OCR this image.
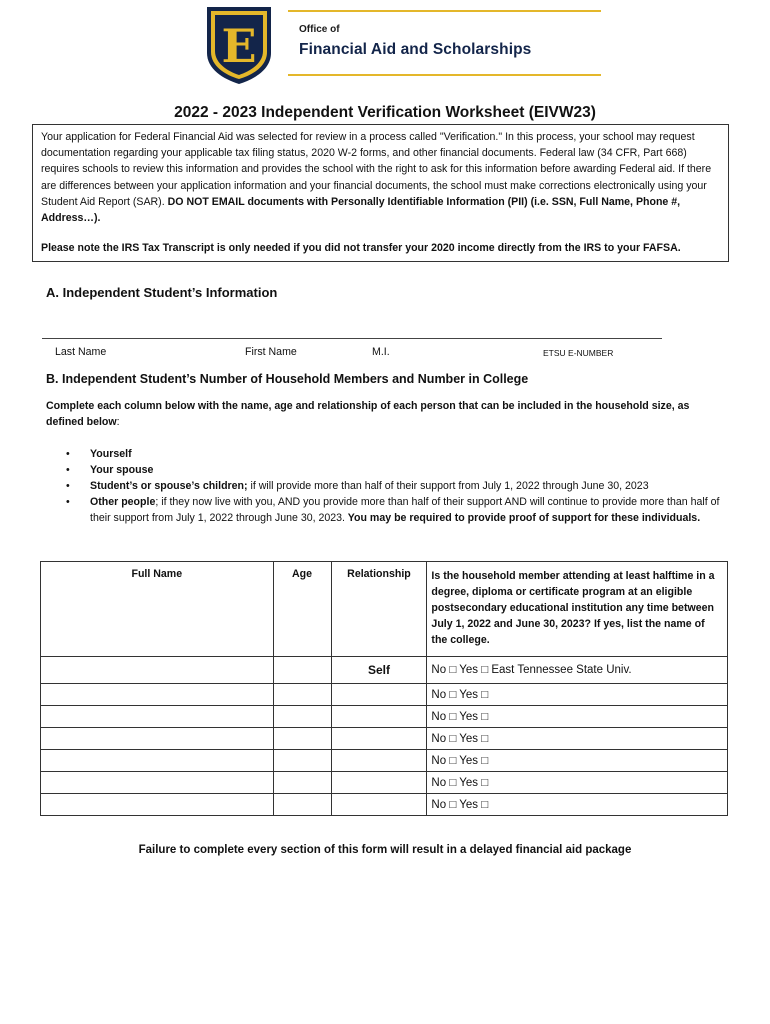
E	Office of
Financial Aid and Scholarships
2022 - 2023 Independent Verification Worksheet (EIVW23)

Your application for Federal Financial Aid was selected for review in a process called "Verification." In this process, your school may request documentation regarding your applicable tax filing status, 2020 W-2 forms, and other financial documents. Federal law (34 CFR, Part 668) requires schools to review this information and provides the school with the right to ask for this information before awarding Federal aid. If there are differences between your application information and your financial documents, the school must make corrections electronically using your Student Aid Report (SAR). DO NOT EMAIL documents with Personally Identifiable Information (PII) (i.e. SSN, Full Name, Phone #, Address…).

Please note the IRS Tax Transcript is only needed if you did not transfer your 2020 income directly from the IRS to your FAFSA.

A. Independent Student’s Information
Last Name	First Name	M.I.	ETSU E-NUMBER
B. Independent Student’s Number of Household Members and Number in College
Complete each column below with the name, age and relationship of each person that can be included in the household size, as defined below:
• Yourself
• Your spouse
• Student’s or spouse’s children; if will provide more than half of their support from July 1, 2022 through June 30, 2023
• Other people; if they now live with you, AND you provide more than half of their support AND will continue to provide more than half of their support from July 1, 2022 through June 30, 2023. You may be required to provide proof of support for these individuals.
Full Name	Age	Relationship	Is the household member attending at least halftime in a degree, diploma or certificate program at an eligible postsecondary educational institution any time between July 1, 2022 and June 30, 2023? If yes, list the name of the college.
		Self	No □ Yes □ East Tennessee State Univ.
			No □ Yes □
			No □ Yes □
			No □ Yes □
			No □ Yes □
			No □ Yes □
			No □ Yes □
Failure to complete every section of this form will result in a delayed financial aid package
